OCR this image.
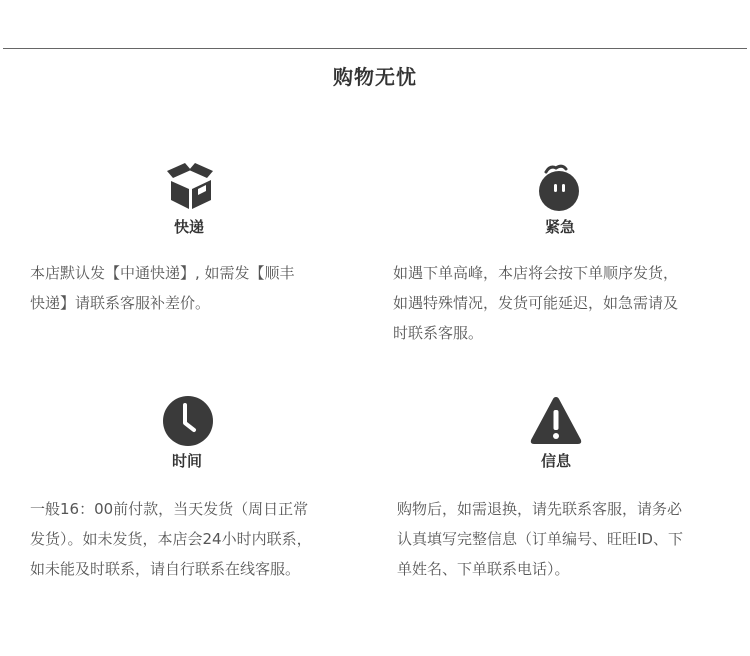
购物无忧
快递
本店默认发【中通快递】, 如需发【顺丰
快递】请联系客服补差价。
紧急
如遇下单高峰，本店将会按下单顺序发货，
如遇特殊情况，发货可能延迟，如急需请及
时联系客服。
时间
一般16：00前付款，当天发货（周日正常
发货）。如未发货，本店会24小时内联系，
如未能及时联系，请自行联系在线客服。
信息
购物后，如需退换，请先联系客服，请务必
认真填写完整信息（订单编号、旺旺ID、下
单姓名、下单联系电话）。
